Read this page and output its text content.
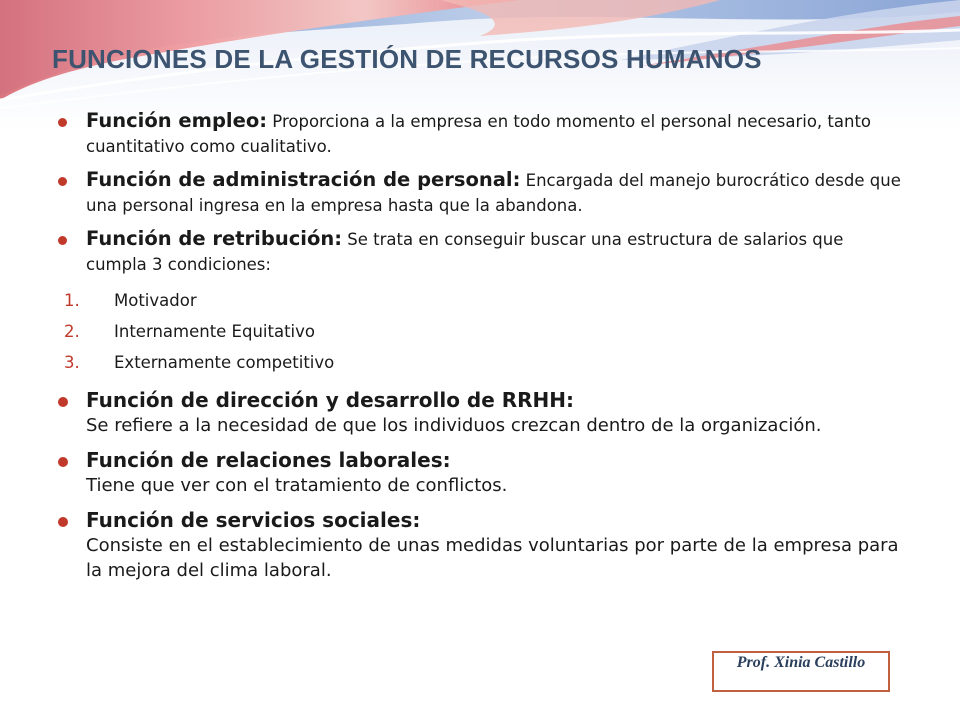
FUNCIONES DE LA GESTIÓN DE RECURSOS HUMANOS
Función empleo: Proporciona a la empresa en todo momento el personal necesario, tanto cuantitativo como cualitativo.
Función de administración de personal: Encargada del manejo burocrático desde que una personal ingresa en la empresa hasta que la abandona.
Función de retribución: Se trata en conseguir buscar una estructura de salarios que cumpla 3 condiciones:
1.	Motivador
2.	Internamente Equitativo
3.	Externamente competitivo
Función de dirección y desarrollo de RRHH:
Se refiere a la necesidad de que los individuos crezcan dentro de la organización.
Función de relaciones laborales:
Tiene que ver con el tratamiento de conflictos.
Función de servicios sociales:
Consiste en el establecimiento de unas medidas voluntarias por parte de la empresa para la mejora del clima laboral.
Prof. Xinia Castillo
